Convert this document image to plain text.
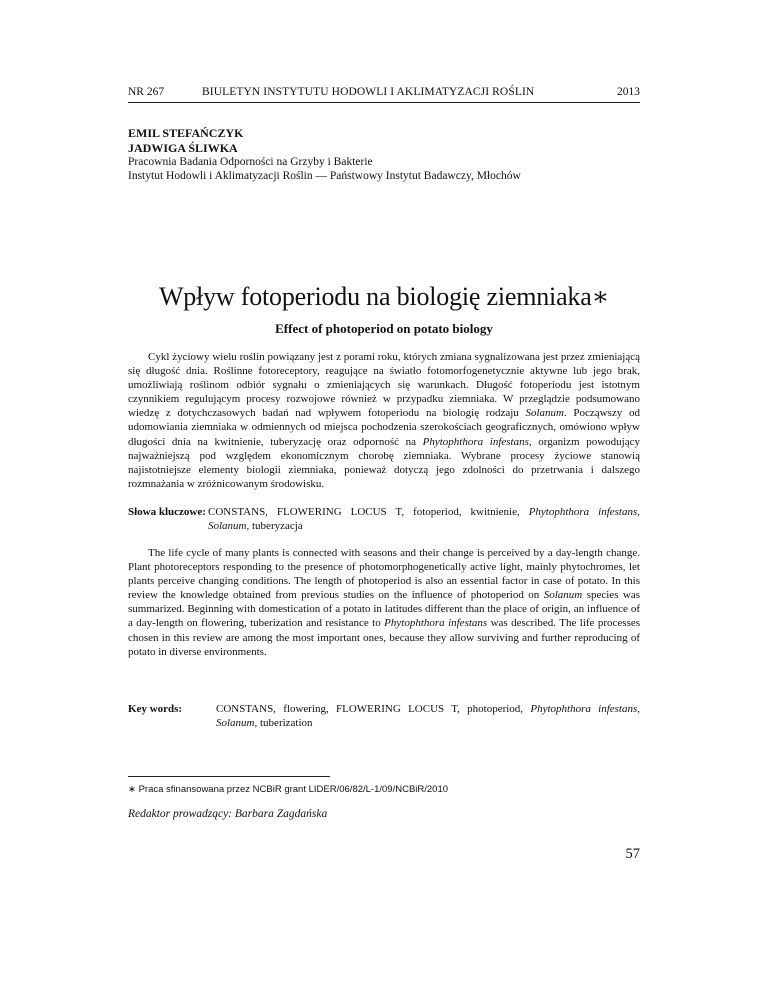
NR 267	BIULETYN INSTYTUTU HODOWLI I AKLIMATYZACJI ROŚLIN	2013
EMIL STEFAŃCZYK
JADWIGA ŚLIWKA
Pracownia Badania Odporności na Grzyby i Bakterie
Instytut Hodowli i Aklimatyzacji Roślin — Państwowy Instytut Badawczy, Młochów
Wpływ fotoperiodu na biologię ziemniaka∗
Effect of photoperiod on potato biology
Cykl życiowy wielu roślin powiązany jest z porami roku, których zmiana sygnalizowana jest przez zmieniającą się długość dnia. Roślinne fotoreceptory, reagujące na światło fotomorfogenetycznie aktywne lub jego brak, umożliwiają roślinom odbiór sygnału o zmieniających się warunkach. Długość fotoperiodu jest istotnym czynnikiem regulującym procesy rozwojowe również w przypadku ziemniaka. W przeglądzie podsumowano wiedzę z dotychczasowych badań nad wpływem fotoperiodu na biologię rodzaju Solanum. Począwszy od udomowiania ziemniaka w odmiennych od miejsca pochodzenia szerokościach geograficznych, omówiono wpływ długości dnia na kwitnienie, tuberyzację oraz odporność na Phytophthora infestans, organizm powodujący najważniejszą pod względem ekonomicznym chorobę ziemniaka. Wybrane procesy życiowe stanowią najistotniejsze elementy biologii ziemniaka, ponieważ dotyczą jego zdolności do przetrwania i dalszego rozmnażania w zróżnicowanym środowisku.
Słowa kluczowe: CONSTANS, FLOWERING LOCUS T, fotoperiod, kwitnienie, Phytophthora infestans, Solanum, tuberyzacja
The life cycle of many plants is connected with seasons and their change is perceived by a day-length change. Plant photoreceptors responding to the presence of photomorphogenetically active light, mainly phytochromes, let plants perceive changing conditions. The length of photoperiod is also an essential factor in case of potato. In this review the knowledge obtained from previous studies on the influence of photoperiod on Solanum species was summarized. Beginning with domestication of a potato in latitudes different than the place of origin, an influence of a day-length on flowering, tuberization and resistance to Phytophthora infestans was described. The life processes chosen in this review are among the most important ones, because they allow surviving and further reproducing of potato in diverse environments.
Key words:	CONSTANS, flowering, FLOWERING LOCUS T, photoperiod, Phytophthora infestans, Solanum, tuberization
∗ Praca sfinansowana przez NCBiR grant LIDER/06/82/L-1/09/NCBiR/2010
Redaktor prowadzący: Barbara Zagdańska
57
